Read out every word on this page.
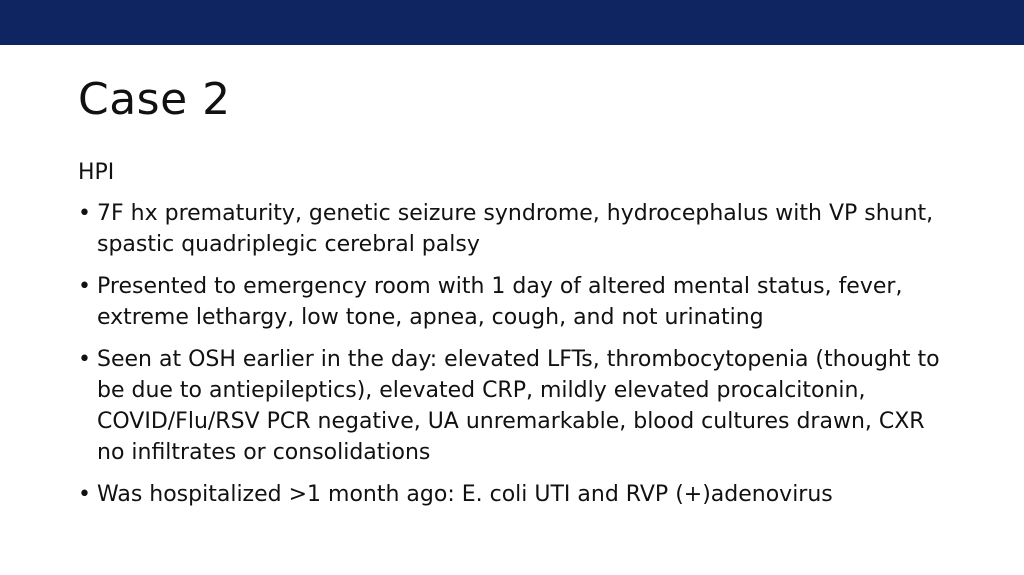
Case 2
HPI
• 7F hx prematurity, genetic seizure syndrome, hydrocephalus with VP shunt, spastic quadriplegic cerebral palsy
• Presented to emergency room with 1 day of altered mental status, fever, extreme lethargy, low tone, apnea, cough, and not urinating
• Seen at OSH earlier in the day: elevated LFTs, thrombocytopenia (thought to be due to antiepileptics), elevated CRP, mildly elevated procalcitonin, COVID/Flu/RSV PCR negative, UA unremarkable, blood cultures drawn, CXR no infiltrates or consolidations
• Was hospitalized >1 month ago: E. coli UTI and RVP (+)adenovirus
